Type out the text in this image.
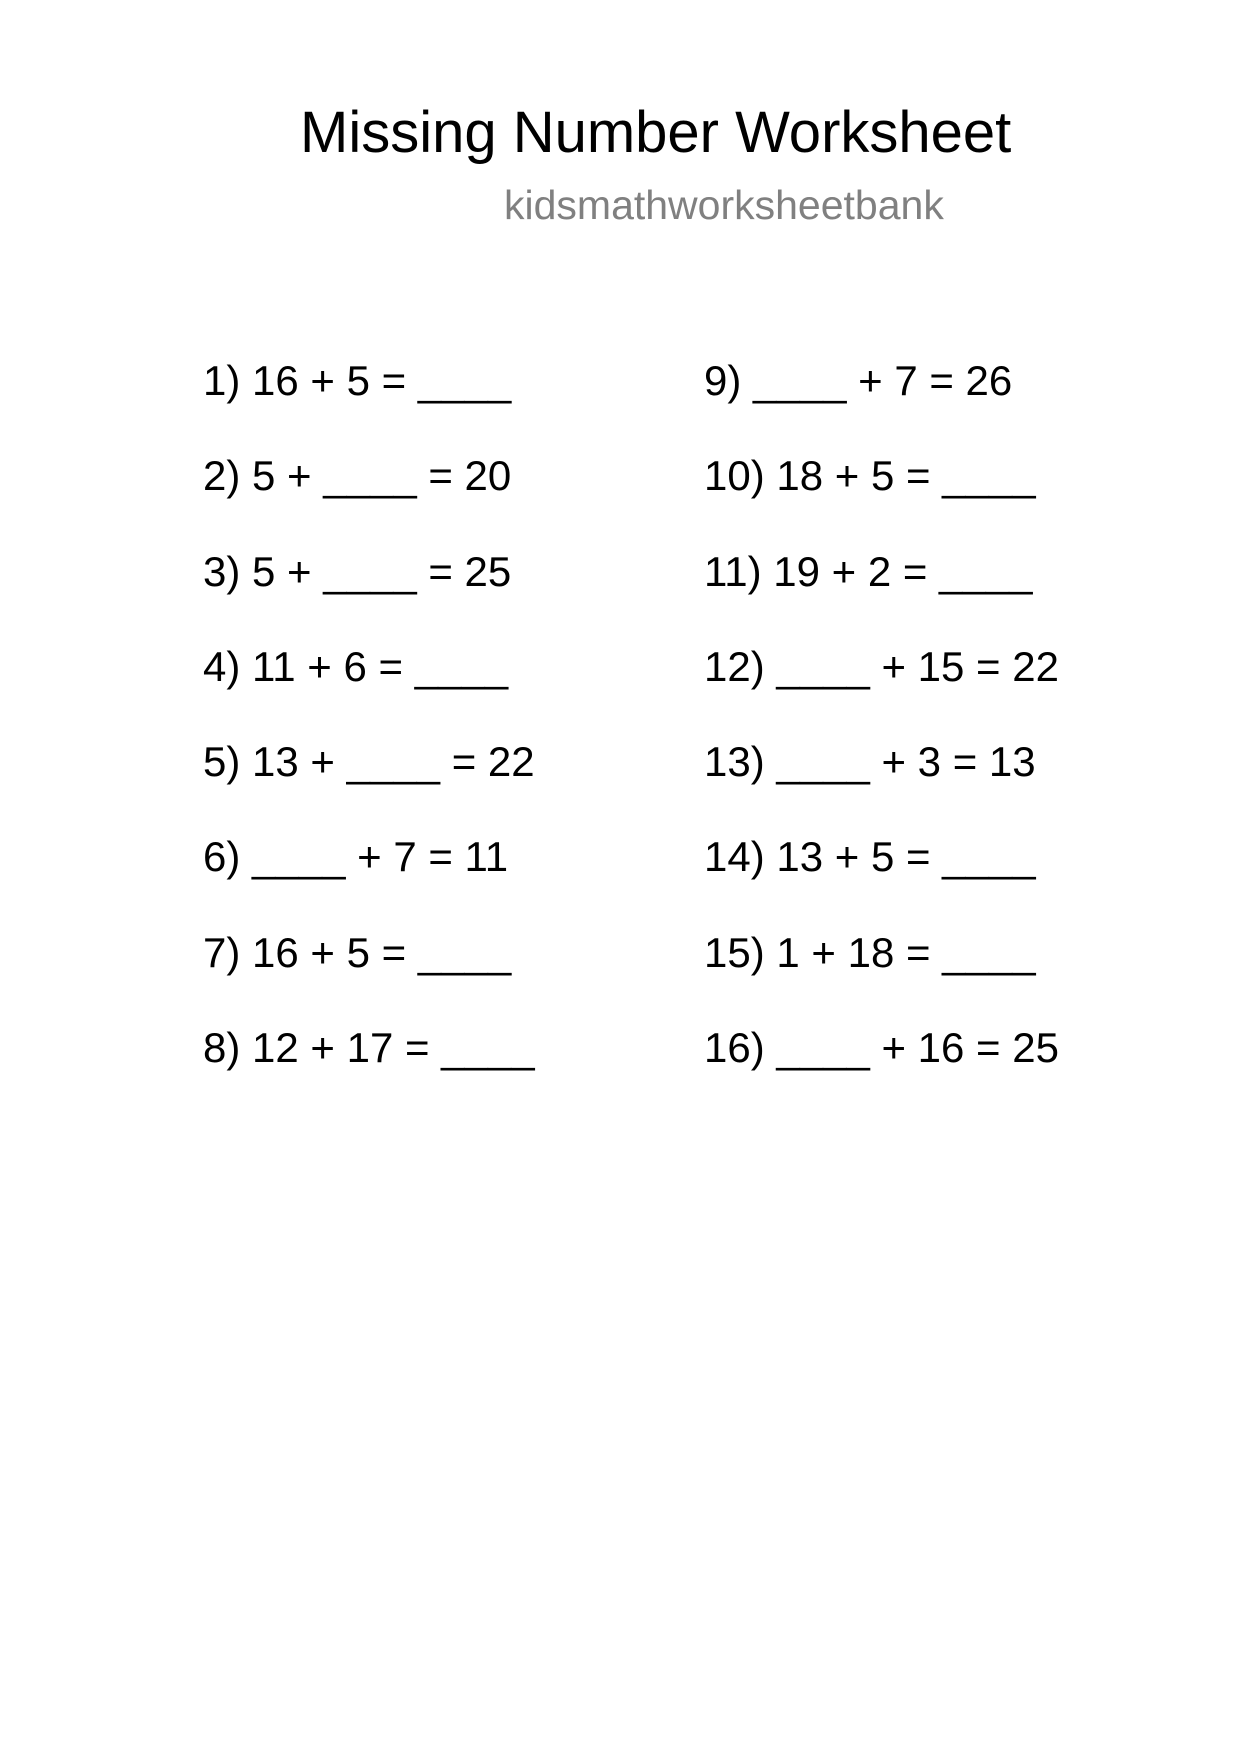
Missing Number Worksheet
kidsmathworksheetbank
1) 16 + 5 = ____
2) 5 + ____ = 20
3) 5 + ____ = 25
4) 11 + 6 = ____
5) 13 + ____ = 22
6) ____ + 7 = 11
7) 16 + 5 = ____
8) 12 + 17 = ____
9) ____ + 7 = 26
10) 18 + 5 = ____
11) 19 + 2 = ____
12) ____ + 15 = 22
13) ____ + 3 = 13
14) 13 + 5 = ____
15) 1 + 18 = ____
16) ____ + 16 = 25
